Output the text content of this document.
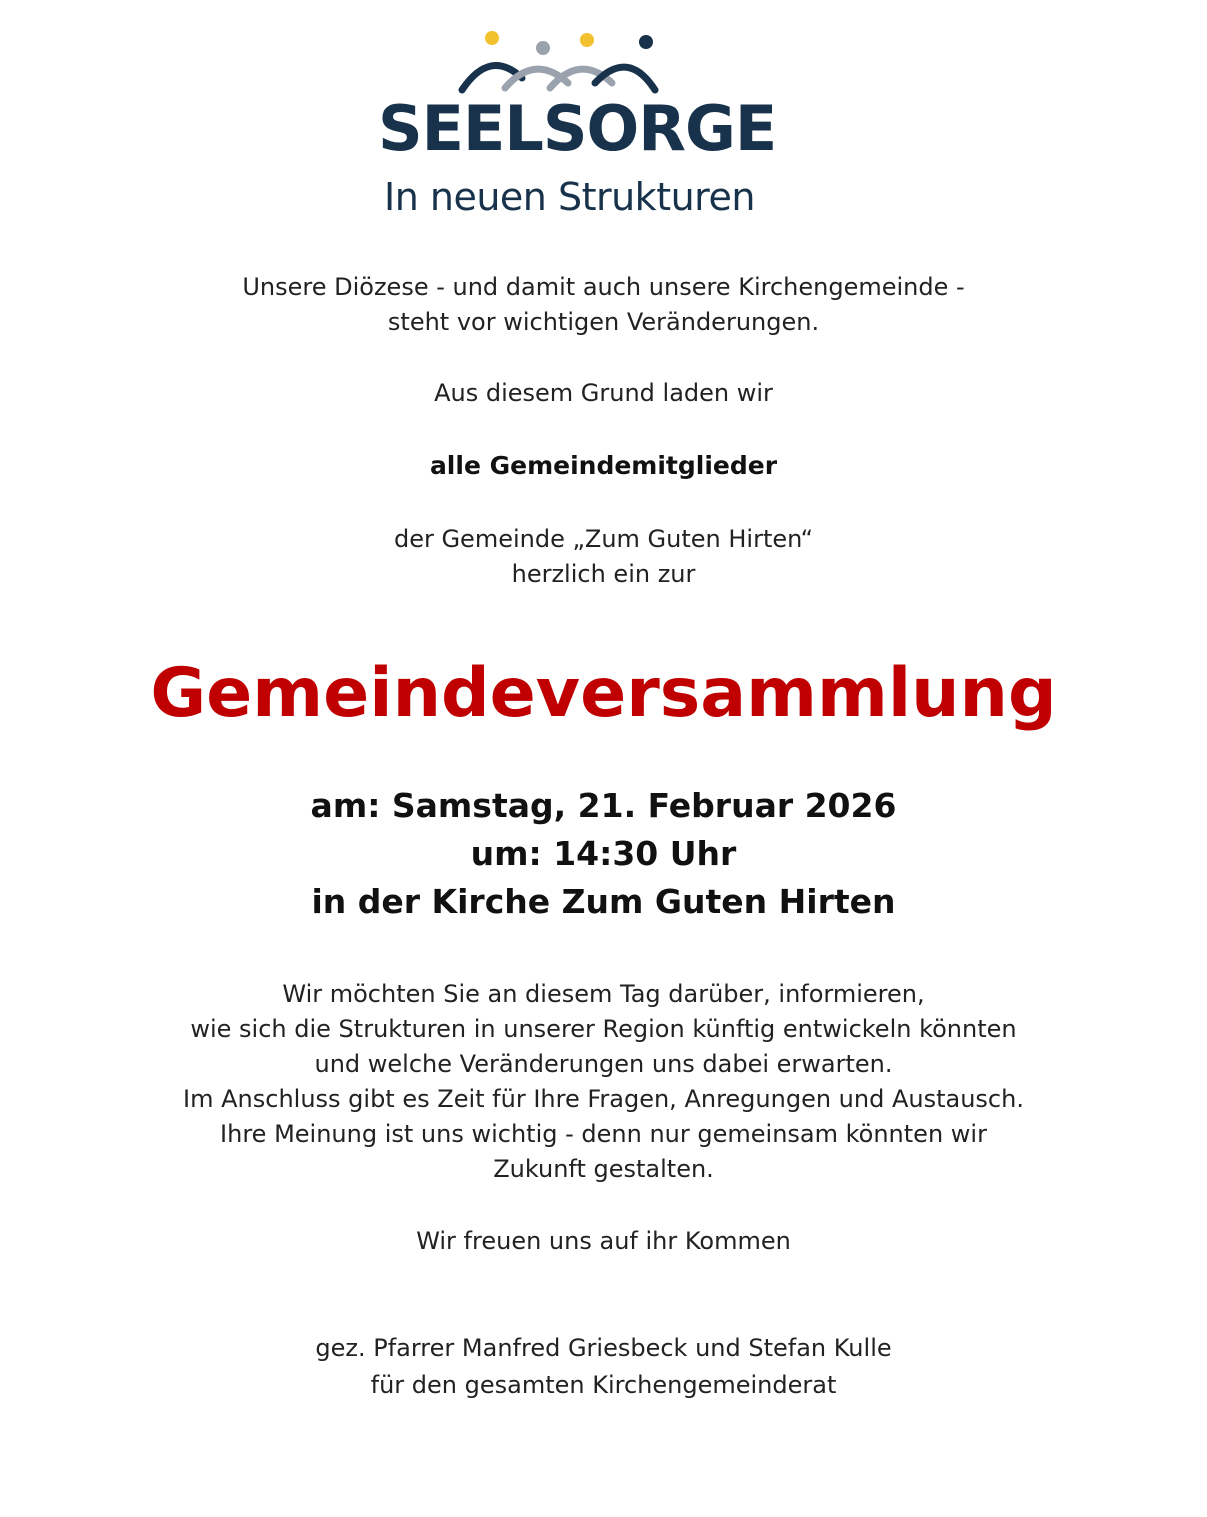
SEELSORGE
In neuen Strukturen

Unsere Diözese - und damit auch unsere Kirchengemeinde -
steht vor wichtigen Veränderungen.

Aus diesem Grund laden wir

alle Gemeindemitglieder

der Gemeinde „Zum Guten Hirten“
herzlich ein zur

Gemeindeversammlung

am: Samstag, 21. Februar 2026
um: 14:30 Uhr
in der Kirche Zum Guten Hirten

Wir möchten Sie an diesem Tag darüber, informieren,
wie sich die Strukturen in unserer Region künftig entwickeln könnten
und welche Veränderungen uns dabei erwarten.
Im Anschluss gibt es Zeit für Ihre Fragen, Anregungen und Austausch.
Ihre Meinung ist uns wichtig - denn nur gemeinsam könnten wir
Zukunft gestalten.

Wir freuen uns auf ihr Kommen

gez. Pfarrer Manfred Griesbeck und Stefan Kulle
für den gesamten Kirchengemeinderat
